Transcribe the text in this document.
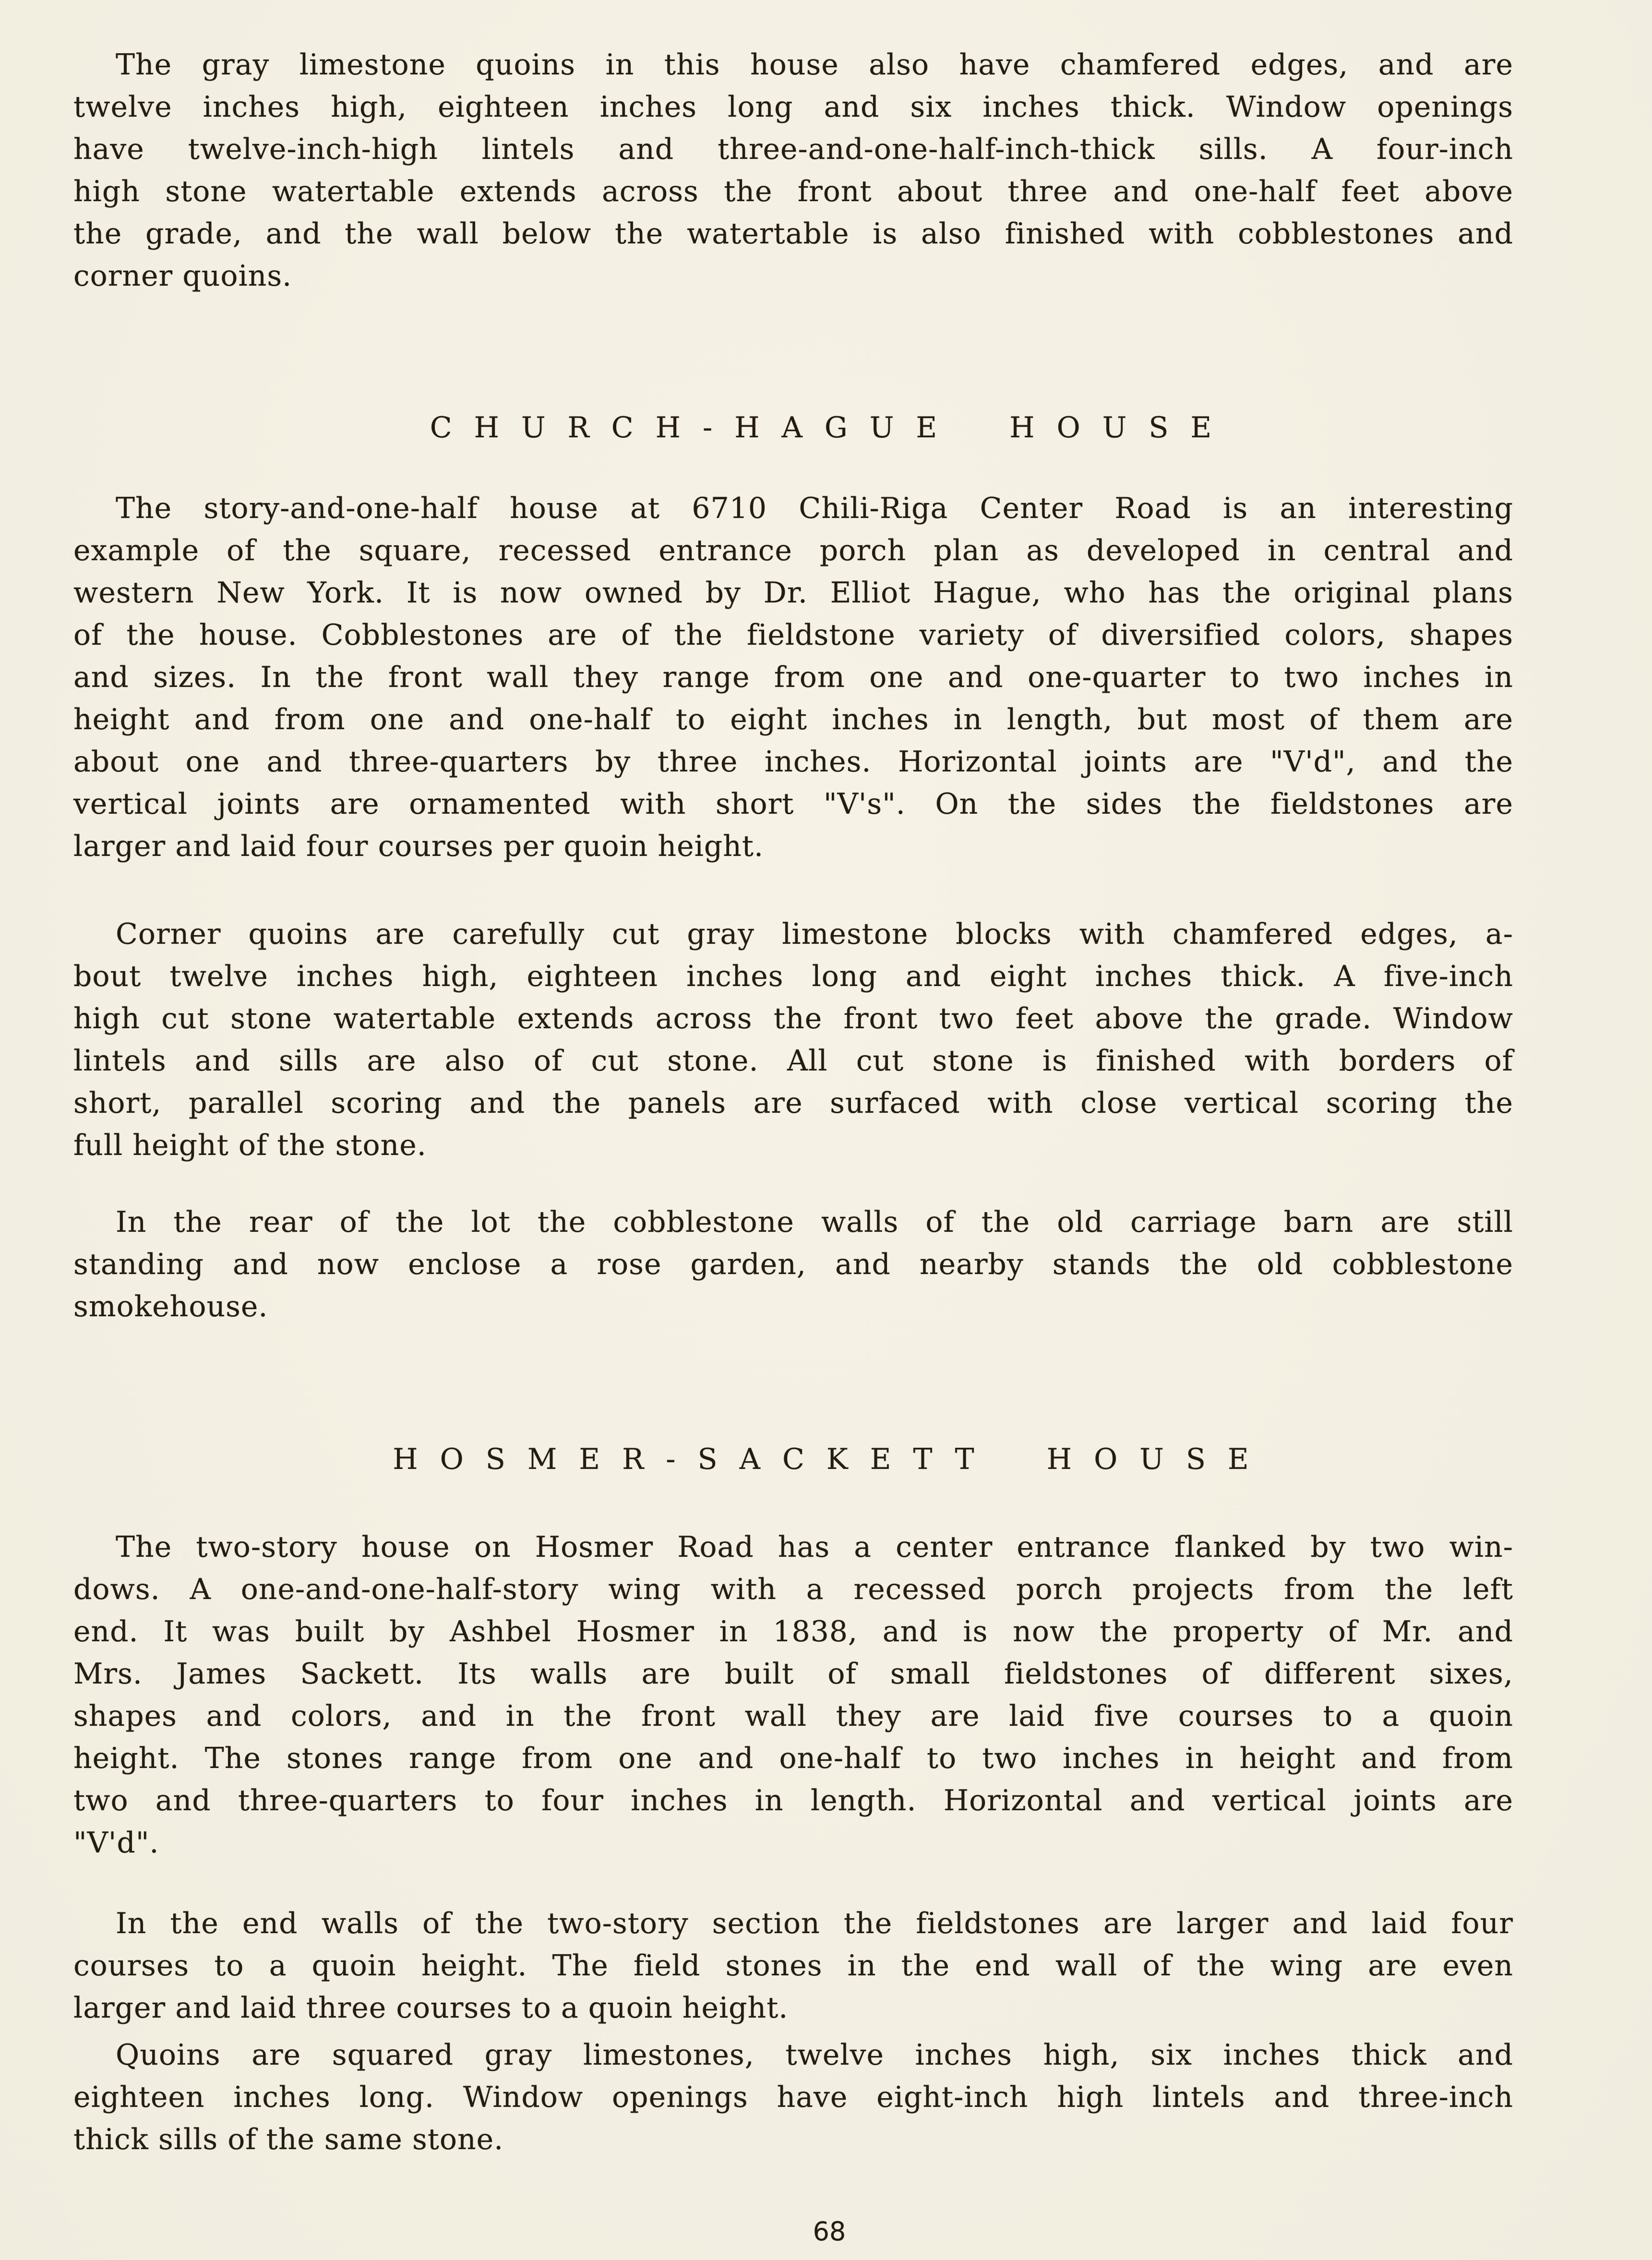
The gray limestone quoins in this house also have chamfered edges, and are
twelve inches high, eighteen inches long and six inches thick. Window openings
have twelve-inch-high lintels and three-and-one-half-inch-thick sills. A four-inch
high stone watertable extends across the front about three and one-half feet above
the grade, and the wall below the watertable is also finished with cobblestones and
corner quoins.
CHURCH-HAGUE HOUSE
The story-and-one-half house at 6710 Chili-Riga Center Road is an interesting
example of the square, recessed entrance porch plan as developed in central and
western New York. It is now owned by Dr. Elliot Hague, who has the original plans
of the house. Cobblestones are of the fieldstone variety of diversified colors, shapes
and sizes. In the front wall they range from one and one-quarter to two inches in
height and from one and one-half to eight inches in length, but most of them are
about one and three-quarters by three inches. Horizontal joints are "V'd", and the
vertical joints are ornamented with short "V's". On the sides the fieldstones are
larger and laid four courses per quoin height.
Corner quoins are carefully cut gray limestone blocks with chamfered edges, a-
bout twelve inches high, eighteen inches long and eight inches thick. A five-inch
high cut stone watertable extends across the front two feet above the grade. Window
lintels and sills are also of cut stone. All cut stone is finished with borders of
short, parallel scoring and the panels are surfaced with close vertical scoring the
full height of the stone.
In the rear of the lot the cobblestone walls of the old carriage barn are still
standing and now enclose a rose garden, and nearby stands the old cobblestone
smokehouse.
HOSMER-SACKETT HOUSE
The two-story house on Hosmer Road has a center entrance flanked by two win-
dows. A one-and-one-half-story wing with a recessed porch projects from the left
end. It was built by Ashbel Hosmer in 1838, and is now the property of Mr. and
Mrs. James Sackett. Its walls are built of small fieldstones of different sixes,
shapes and colors, and in the front wall they are laid five courses to a quoin
height. The stones range from one and one-half to two inches in height and from
two and three-quarters to four inches in length. Horizontal and vertical joints are
"V'd".
In the end walls of the two-story section the fieldstones are larger and laid four
courses to a quoin height. The field stones in the end wall of the wing are even
larger and laid three courses to a quoin height.
Quoins are squared gray limestones, twelve inches high, six inches thick and
eighteen inches long. Window openings have eight-inch high lintels and three-inch
thick sills of the same stone.
68
